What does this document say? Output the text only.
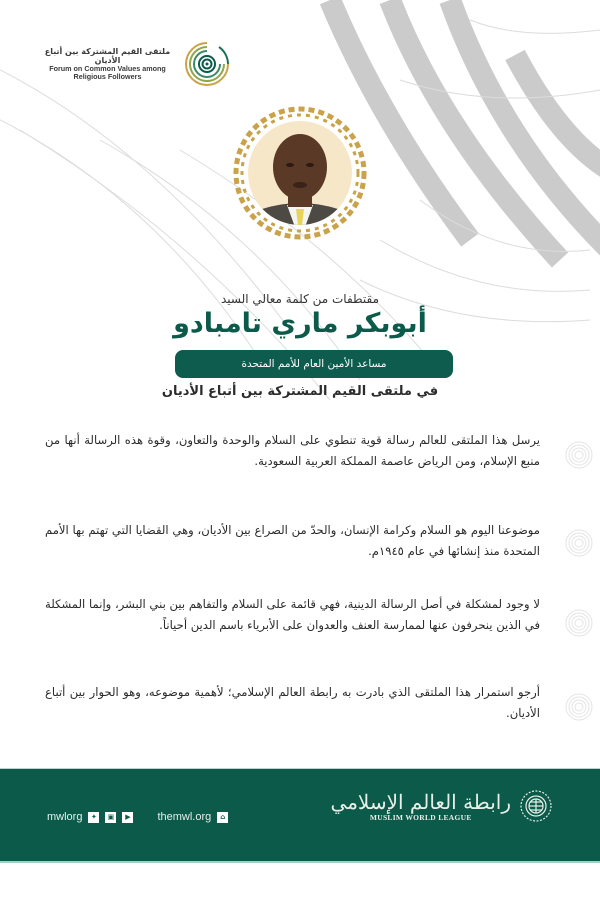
ملتقى القيم المشتركة بين أتباع الأديان
Forum on Common Values among
Religious Followers
مقتطفات من كلمة معالي السيد
أبوبكر ماري تامبادو
مساعد الأمين العام للأمم المتحدة
في ملتقى القيم المشتركة بين أتباع الأديان
يرسل هذا الملتقى للعالم رسالة قوية تنطوي على السلام والوحدة والتعاون، وقوة هذه الرسالة أنها من منبع الإسلام، ومن الرياض عاصمة المملكة العربية السعودية.
موضوعنا اليوم هو السلام وكرامة الإنسان، والحدّ من الصراع بين الأديان، وهي القضايا التي تهتم بها الأمم المتحدة منذ إنشائها في عام ١٩٤٥م.
لا وجود لمشكلة في أصل الرسالة الدينية، فهي قائمة على السلام والتفاهم بين بني البشر، وإنما المشكلة في الذين ينحرفون عنها لممارسة العنف والعدوان على الأبرياء باسم الدين أحياناً.
أرجو استمرار هذا الملتقى الذي بادرت به رابطة العالم الإسلامي؛ لأهمية موضوعه، وهو الحوار بين أتباع الأديان.
mwlorg	✦	▣	▶ themwl.org	⌂
رابطة العالم الإسلامي
MUSLIM WORLD LEAGUE
